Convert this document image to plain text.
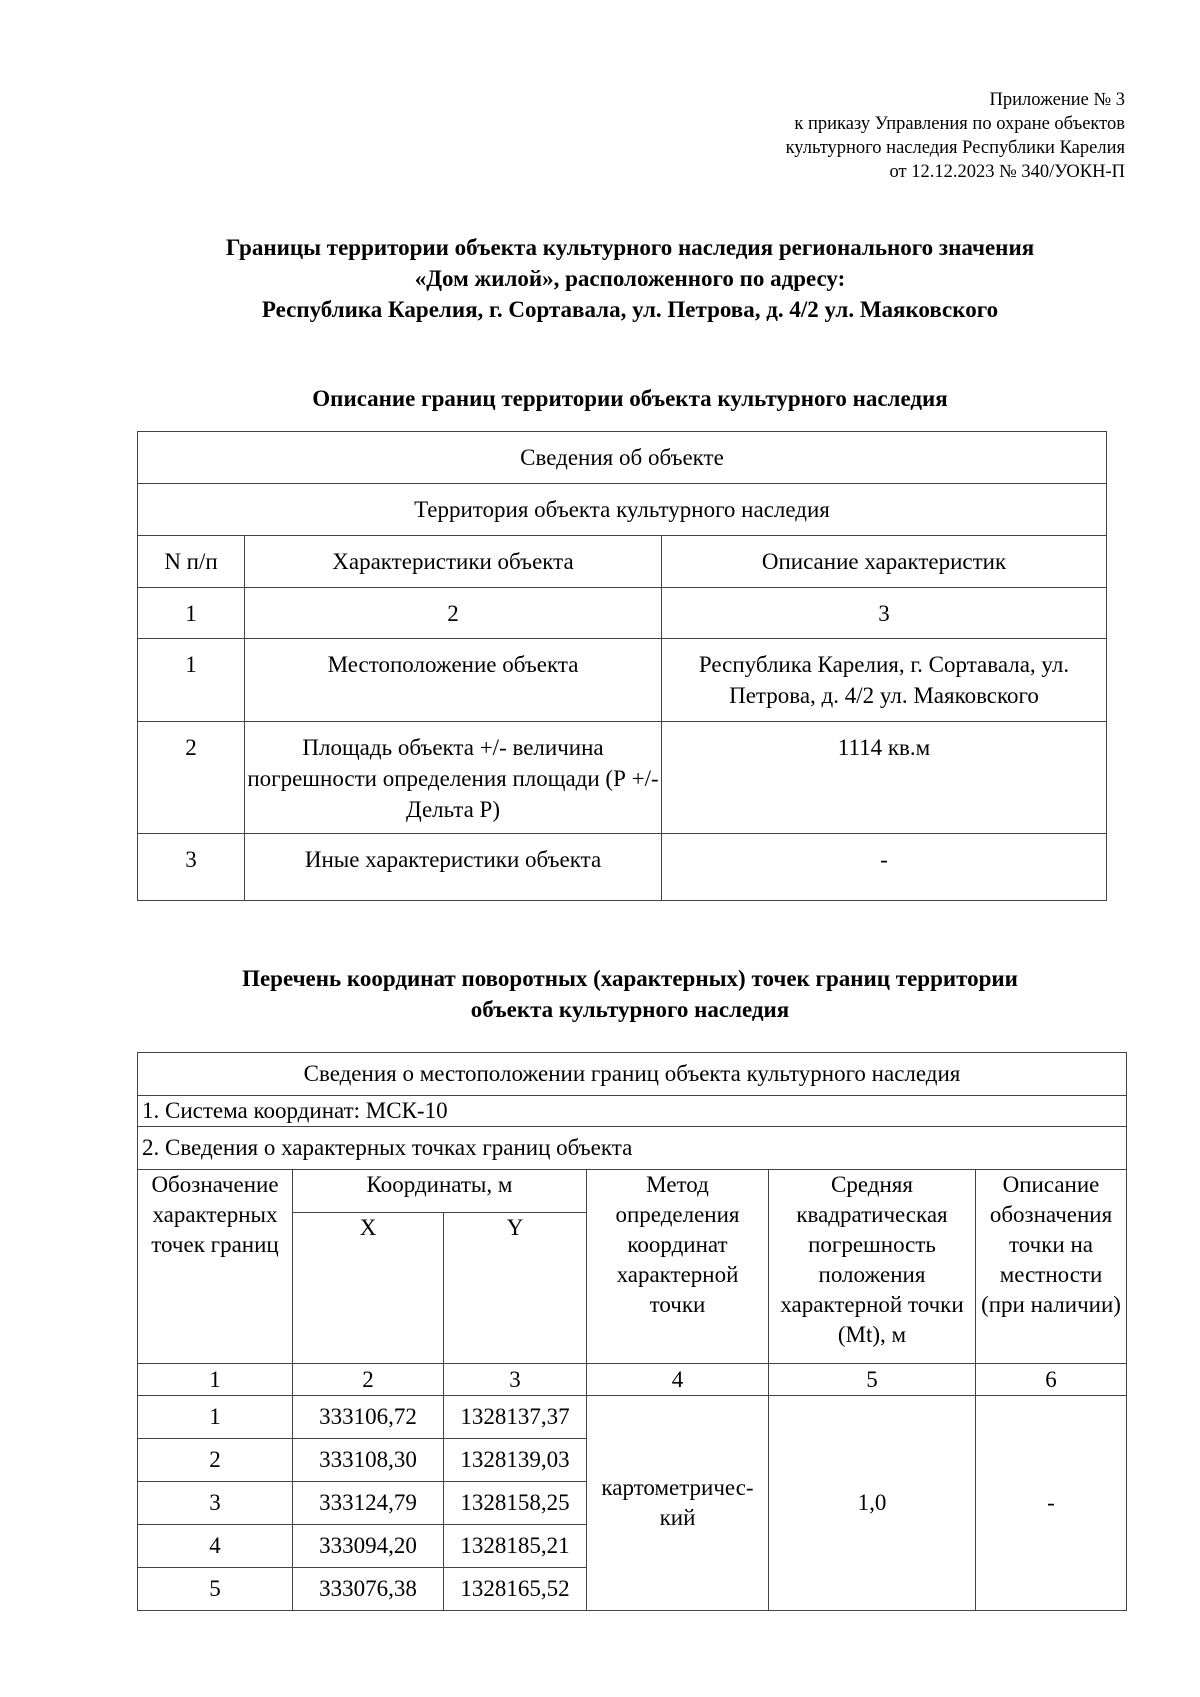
Приложение № 3
к приказу Управления по охране объектов
культурного наследия Республики Карелия
от 12.12.2023 № 340/УОКН-П
Границы территории объекта культурного наследия регионального значения
«Дом жилой», расположенного по адресу:
Республика Карелия, г. Сортавала, ул. Петрова, д. 4/2 ул. Маяковского
Описание границ территории объекта культурного наследия
Сведения об объекте		
Территория объекта культурного наследия		
N п/п	Характеристики объекта	Описание характеристик
1	2	3
1	Местоположение объекта	Республика Карелия, г. Сортавала, ул. Петрова, д. 4/2 ул. Маяковского
2	Площадь объекта +/- величина погрешности определения площади (Р +/- Дельта Р)	1114 кв.м
3	Иные характеристики объекта	-
Перечень координат поворотных (характерных) точек границ территории
объекта культурного наследия
Сведения о местоположении границ объекта культурного наследия					
1. Система координат: МСК-10					
2. Сведения о характерных точках границ объекта					
Обозначение характерных точек границ	Координаты, м		Метод определения координат характерной точки	Средняя квадратическая погрешность положения характерной точки (Mt), м	Описание обозначения точки на местности (при наличии)
	X	Y			
1	2	3	4	5	6
1	333106,72	1328137,37	картометричес-кий	1,0	-
2	333108,30	1328139,03			
3	333124,79	1328158,25			
4	333094,20	1328185,21			
5	333076,38	1328165,52			
